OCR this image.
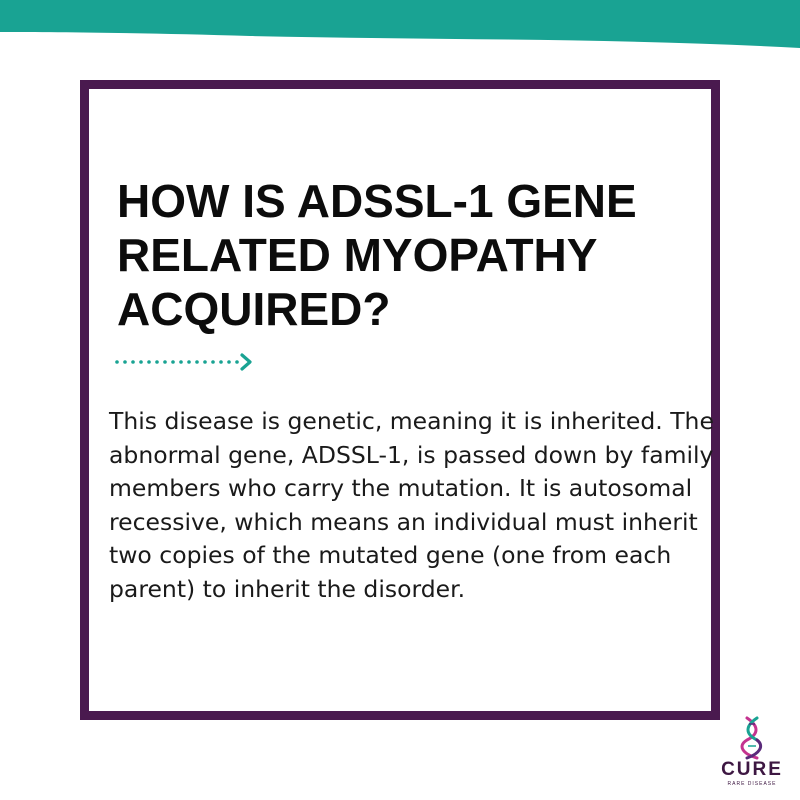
HOW IS ADSSL-1 GENE RELATED MYOPATHY ACQUIRED?

This disease is genetic, meaning it is inherited. The abnormal gene, ADSSL-1, is passed down by family members who carry the mutation. It is autosomal recessive, which means an individual must inherit two copies of the mutated gene (one from each parent) to inherit the disorder.

CURE
RARE DISEASE
